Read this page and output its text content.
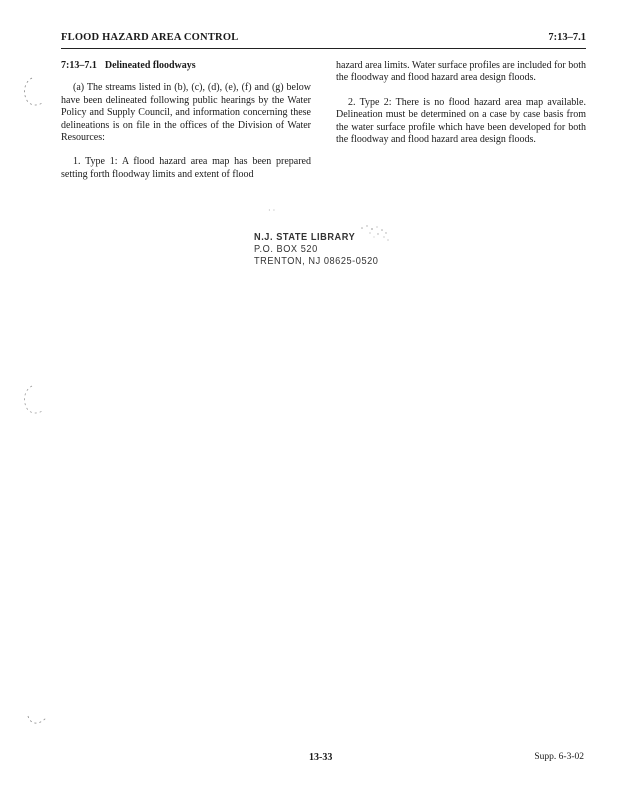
FLOOD HAZARD AREA CONTROL	7:13–7.1
7:13–7.1 Delineated floodways

(a) The streams listed in (b), (c), (d), (e), (f) and (g) below have been delineated following public hearings by the Water Policy and Supply Council, and information concerning these delineations is on file in the offices of the Division of Water Resources:

1. Type 1: A flood hazard area map has been prepared setting forth floodway limits and extent of flood

hazard area limits. Water surface profiles are included for both the floodway and flood hazard area design floods.

2. Type 2: There is no flood hazard area map available. Delineation must be determined on a case by case basis from the water surface profile which have been developed for both the floodway and flood hazard area design floods.

· ·
N.J. STATE LIBRARY
P.O. BOX 520
TRENTON, NJ 08625-0520
13-33	Supp. 6-3-02
